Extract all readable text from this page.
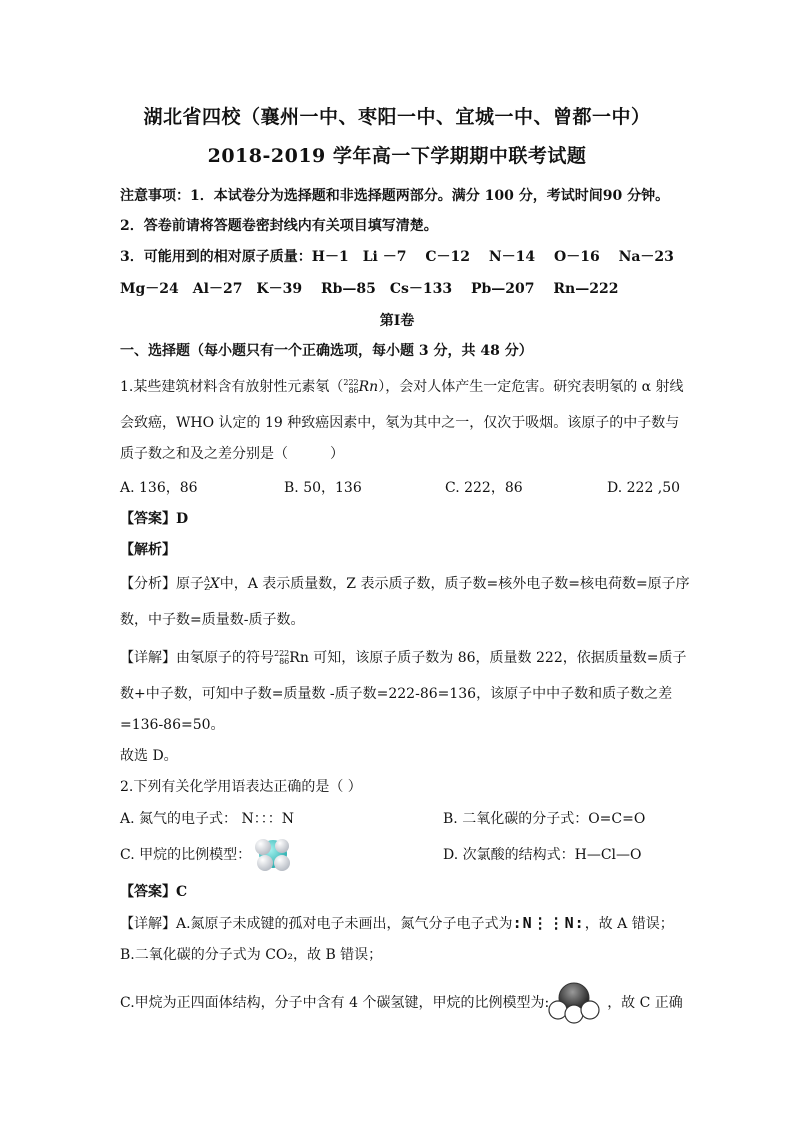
湖北省四校（襄州一中、枣阳一中、宜城一中、曾都一中）
2018-2019 学年高一下学期期中联考试题
注意事项：1．本试卷分为选择题和非选择题两部分。满分 100 分，考试时间90 分钟。
2．答卷前请将答题卷密封线内有关项目填写清楚。
3．可能用到的相对原子质量：H－1　Li －7　 C－12　 N－14　 O－16　 Na－23
Mg－24　Al－27　K－39　 Rb—85　Cs－133　 Pb—207　 Rn—222
第Ⅰ卷
一、选择题（每小题只有一个正确选项，每小题 3 分，共 48 分）
1.某些建筑材料含有放射性元素氡（ 222
86 Rn），会对人体产生一定危害。研究表明氡的 α 射线
会致癌，WHO 认定的 19 种致癌因素中，氡为其中之一，仅次于吸烟。该原子的中子数与
质子数之和及之差分别是（　　　）
A. 136，86	B. 50，136	C. 222，86	D. 222 ,50
【答案】D
【解析】
【分析】原子 A
Z X中，A 表示质量数，Z 表示质子数，质子数=核外电子数=核电荷数=原子序
数，中子数=质量数-质子数。
【详解】由氡原子的符号 222
86 Rn 可知，该原子质子数为 86，质量数 222，依据质量数=质子
数+中子数，可知中子数=质量数 -质子数=222-86=136，该原子中中子数和质子数之差
=136-86=50。
故选 D。
2.下列有关化学用语表达正确的是（ ）
A. 氮气的电子式： N：：：N	B. 二氧化碳的分子式：O=C=O
C. 甲烷的比例模型：	D. 次氯酸的结构式：H—Cl—O
【答案】C
【详解】A.氮原子未成键的孤对电子未画出，氮气分子电子式为:N⋮⋮N:，故 A 错误；
B.二氧化碳的分子式为 CO₂，故 B 错误；
C.甲烷为正四面体结构，分子中含有 4 个碳氢键，甲烷的比例模型为:	，故 C 正确
